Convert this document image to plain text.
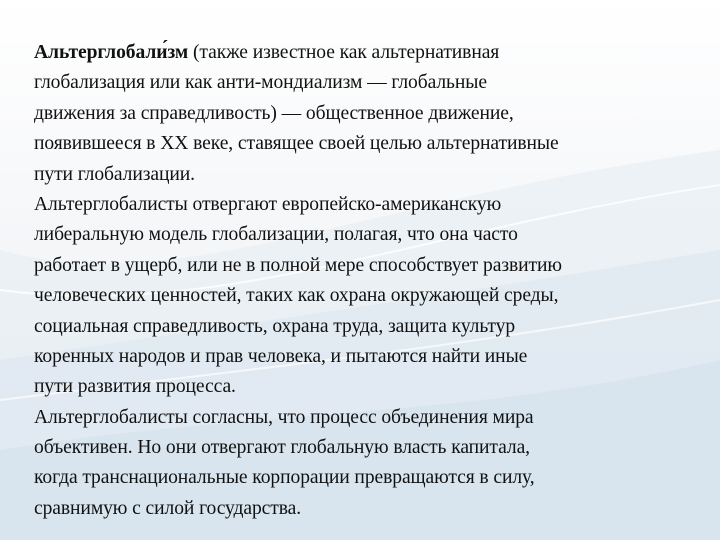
Альтерглобали́зм (также известное как альтернативная
глобализация или как анти-мондиализм — глобальные
движения за справедливость) — общественное движение,
появившееся в XX веке, ставящее своей целью альтернативные
пути глобализации.
Альтерглобалисты отвергают европейско-американскую
либеральную модель глобализации, полагая, что она часто
работает в ущерб, или не в полной мере способствует развитию
человеческих ценностей, таких как охрана окружающей среды,
социальная справедливость, охрана труда, защита культур
коренных народов и прав человека, и пытаются найти иные
пути развития процесса.
Альтерглобалисты согласны, что процесс объединения мира
объективен. Но они отвергают глобальную власть капитала,
когда транснациональные корпорации превращаются в силу,
сравнимую с силой государства.
